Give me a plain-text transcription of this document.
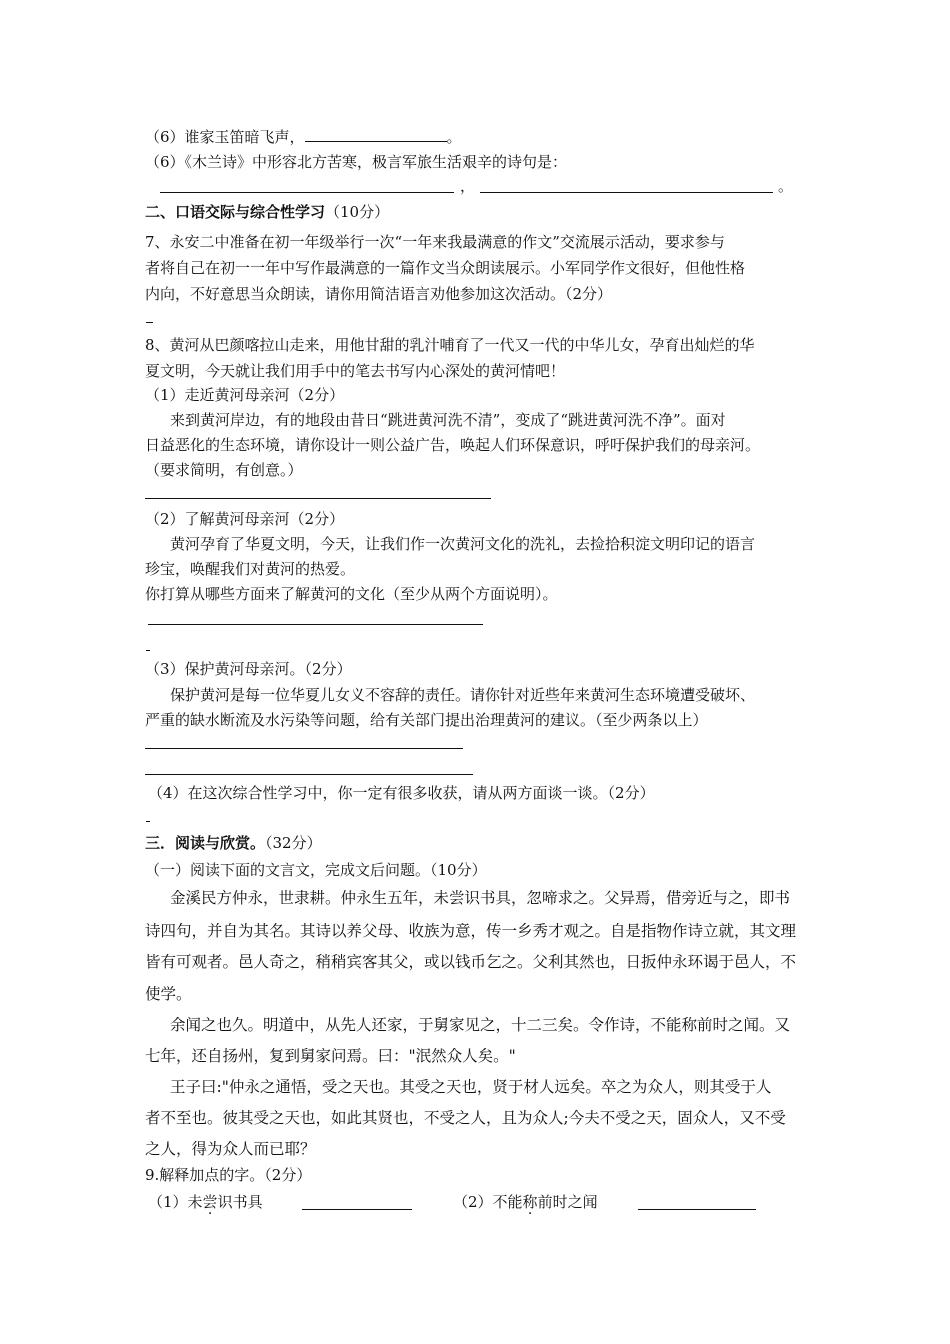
（6）谁家玉笛暗飞声，	。
（6）《木兰诗》中形容北方苦寒，极言军旅生活艰辛的诗句是：
，	。
二、口语交际与综合性学习（10分）
7、永安二中准备在初一年级举行一次“一年来我最满意的作文”交流展示活动，要求参与
者将自己在初一一年中写作最满意的一篇作文当众朗读展示。小军同学作文很好，但他性格
内向，不好意思当众朗读，请你用简洁语言劝他参加这次活动。（2分）
8、黄河从巴颜喀拉山走来，用他甘甜的乳汁哺育了一代又一代的中华儿女，孕育出灿烂的华
夏文明，今天就让我们用手中的笔去书写内心深处的黄河情吧！
（1）走近黄河母亲河（2分）
来到黄河岸边，有的地段由昔日“跳进黄河洗不清”，变成了“跳进黄河洗不净”。面对
日益恶化的生态环境，请你设计一则公益广告，唤起人们环保意识，呼吁保护我们的母亲河。
（要求简明，有创意。）
（2）了解黄河母亲河（2分）
黄河孕育了华夏文明，今天，让我们作一次黄河文化的洗礼，去捡拾积淀文明印记的语言
珍宝，唤醒我们对黄河的热爱。
你打算从哪些方面来了解黄河的文化（至少从两个方面说明）。
（3）保护黄河母亲河。（2分）
保护黄河是每一位华夏儿女义不容辞的责任。请你针对近些年来黄河生态环境遭受破坏、
严重的缺水断流及水污染等问题，给有关部门提出治理黄河的建议。（至少两条以上）
（4）在这次综合性学习中，你一定有很多收获，请从两方面谈一谈。（2分）
三．阅读与欣赏。（32分）
（一）阅读下面的文言文，完成文后问题。（10分）
金溪民方仲永，世隶耕。仲永生五年，未尝识书具，忽啼求之。父异焉，借旁近与之，即书
诗四句，并自为其名。其诗以养父母、收族为意，传一乡秀才观之。自是指物作诗立就，其文理
皆有可观者。邑人奇之，稍稍宾客其父，或以钱币乞之。父利其然也，日扳仲永环谒于邑人，不
使学。
余闻之也久。明道中，从先人还家，于舅家见之，十二三矣。令作诗，不能称前时之闻。又
七年，还自扬州，复到舅家问焉。曰："泯然众人矣。"
王子曰:"仲永之通悟，受之天也。其受之天也，贤于材人远矣。卒之为众人，则其受于人
者不至也。彼其受之天也，如此其贤也，不受之人，且为众人;今夫不受之天，固众人，又不受
之人，得为众人而已耶？
9.解释加点的字。（2分）
（1）未尝识书具	（2）不能称前时之闻
